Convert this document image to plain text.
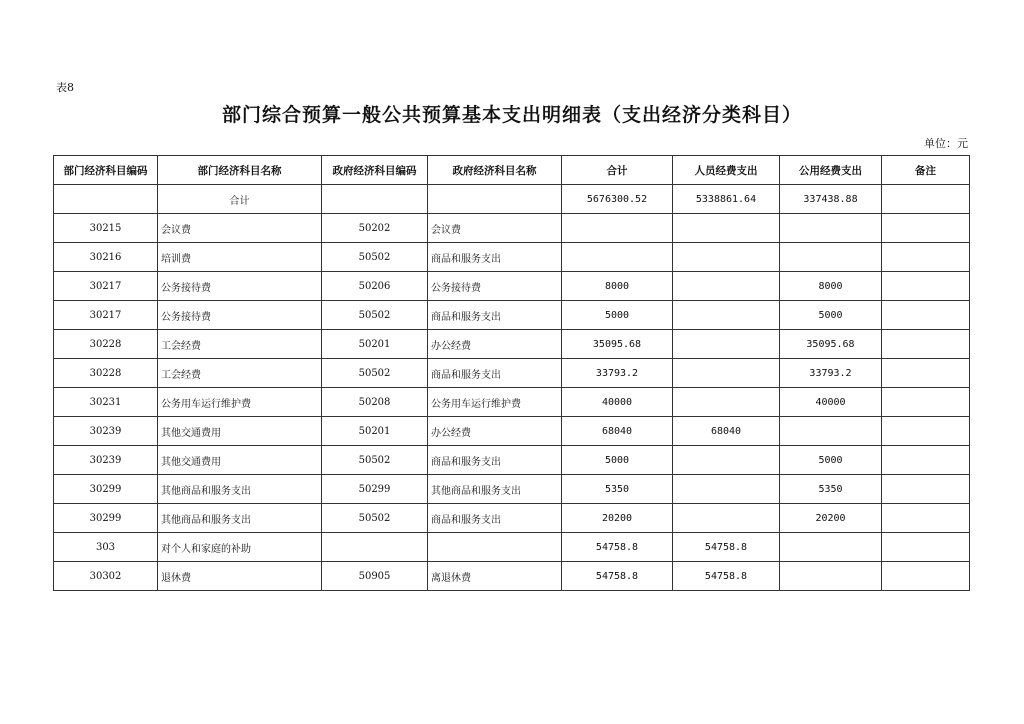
表8
部门综合预算一般公共预算基本支出明细表（支出经济分类科目）
单位：元
部门经济科目编码	部门经济科目名称	政府经济科目编码	政府经济科目名称	合计	人员经费支出	公用经费支出	备注
	合计			5676300.52	5338861.64	337438.88	
30215	会议费	50202	会议费				
30216	培训费	50502	商品和服务支出				
30217	公务接待费	50206	公务接待费	8000		8000	
30217	公务接待费	50502	商品和服务支出	5000		5000	
30228	工会经费	50201	办公经费	35095.68		35095.68	
30228	工会经费	50502	商品和服务支出	33793.2		33793.2	
30231	公务用车运行维护费	50208	公务用车运行维护费	40000		40000	
30239	其他交通费用	50201	办公经费	68040	68040		
30239	其他交通费用	50502	商品和服务支出	5000		5000	
30299	其他商品和服务支出	50299	其他商品和服务支出	5350		5350	
30299	其他商品和服务支出	50502	商品和服务支出	20200		20200	
303	对个人和家庭的补助			54758.8	54758.8		
30302	退休费	50905	离退休费	54758.8	54758.8		
